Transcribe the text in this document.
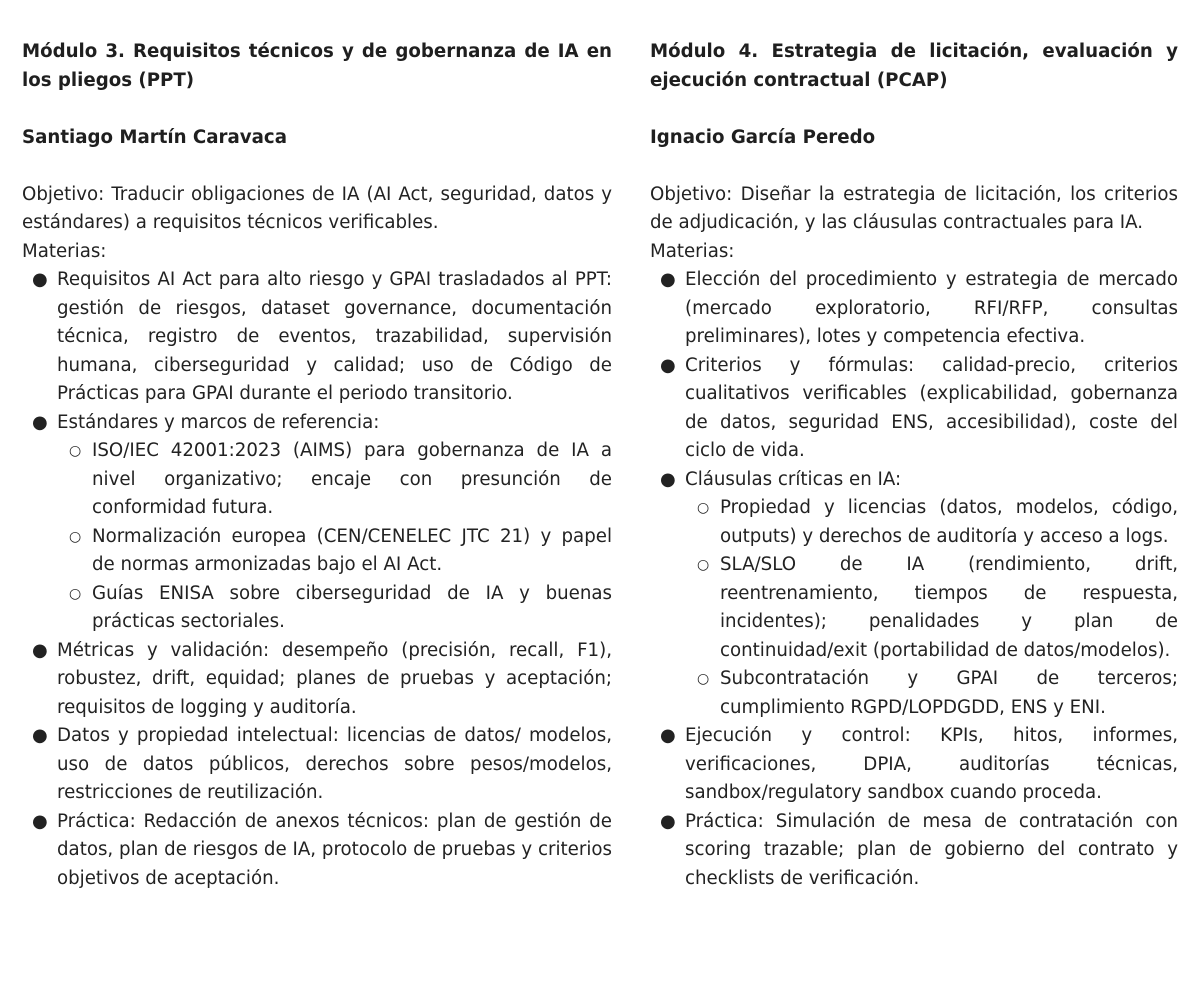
Módulo 3. Requisitos técnicos y de gobernanza de IA en los pliegos (PPT)

Santiago Martín Caravaca

Objetivo: Traducir obligaciones de IA (AI Act, seguridad, datos y estándares) a requisitos técnicos verificables.

Materias:

● Requisitos AI Act para alto riesgo y GPAI trasladados al PPT: gestión de riesgos, dataset governance, documentación técnica, registro de eventos, trazabilidad, supervisión humana, ciberseguridad y calidad; uso de Código de Prácticas para GPAI durante el periodo transitorio.
● Estándares y marcos de referencia:
○ ISO/IEC 42001:2023 (AIMS) para gobernanza de IA a nivel organizativo; encaje con presunción de conformidad futura.
○ Normalización europea (CEN/CENELEC JTC 21) y papel de normas armonizadas bajo el AI Act.
○ Guías ENISA sobre ciberseguridad de IA y buenas prácticas sectoriales.
● Métricas y validación: desempeño (precisión, recall, F1), robustez, drift, equidad; planes de pruebas y aceptación; requisitos de logging y auditoría.
● Datos y propiedad intelectual: licencias de datos/ modelos, uso de datos públicos, derechos sobre pesos/modelos, restricciones de reutilización.
● Práctica: Redacción de anexos técnicos: plan de gestión de datos, plan de riesgos de IA, protocolo de pruebas y criterios objetivos de aceptación.

Módulo 4. Estrategia de licitación, evaluación y ejecución contractual (PCAP)

Ignacio García Peredo

Objetivo: Diseñar la estrategia de licitación, los criterios de adjudicación, y las cláusulas contractuales para IA.

Materias:

● Elección del procedimiento y estrategia de mercado (mercado exploratorio, RFI/RFP, consultas preliminares), lotes y competencia efectiva.
● Criterios y fórmulas: calidad-precio, criterios cualitativos verificables (explicabilidad, gobernanza de datos, seguridad ENS, accesibilidad), coste del ciclo de vida.
● Cláusulas críticas en IA:
○ Propiedad y licencias (datos, modelos, código, outputs) y derechos de auditoría y acceso a logs.
○ SLA/SLO de IA (rendimiento, drift, reentrenamiento, tiempos de respuesta, incidentes); penalidades y plan de continuidad/exit (portabilidad de datos/modelos).
○ Subcontratación y GPAI de terceros; cumplimiento RGPD/LOPDGDD, ENS y ENI.
● Ejecución y control: KPIs, hitos, informes, verificaciones, DPIA, auditorías técnicas, sandbox/regulatory sandbox cuando proceda.
● Práctica: Simulación de mesa de contratación con scoring trazable; plan de gobierno del contrato y checklists de verificación.
